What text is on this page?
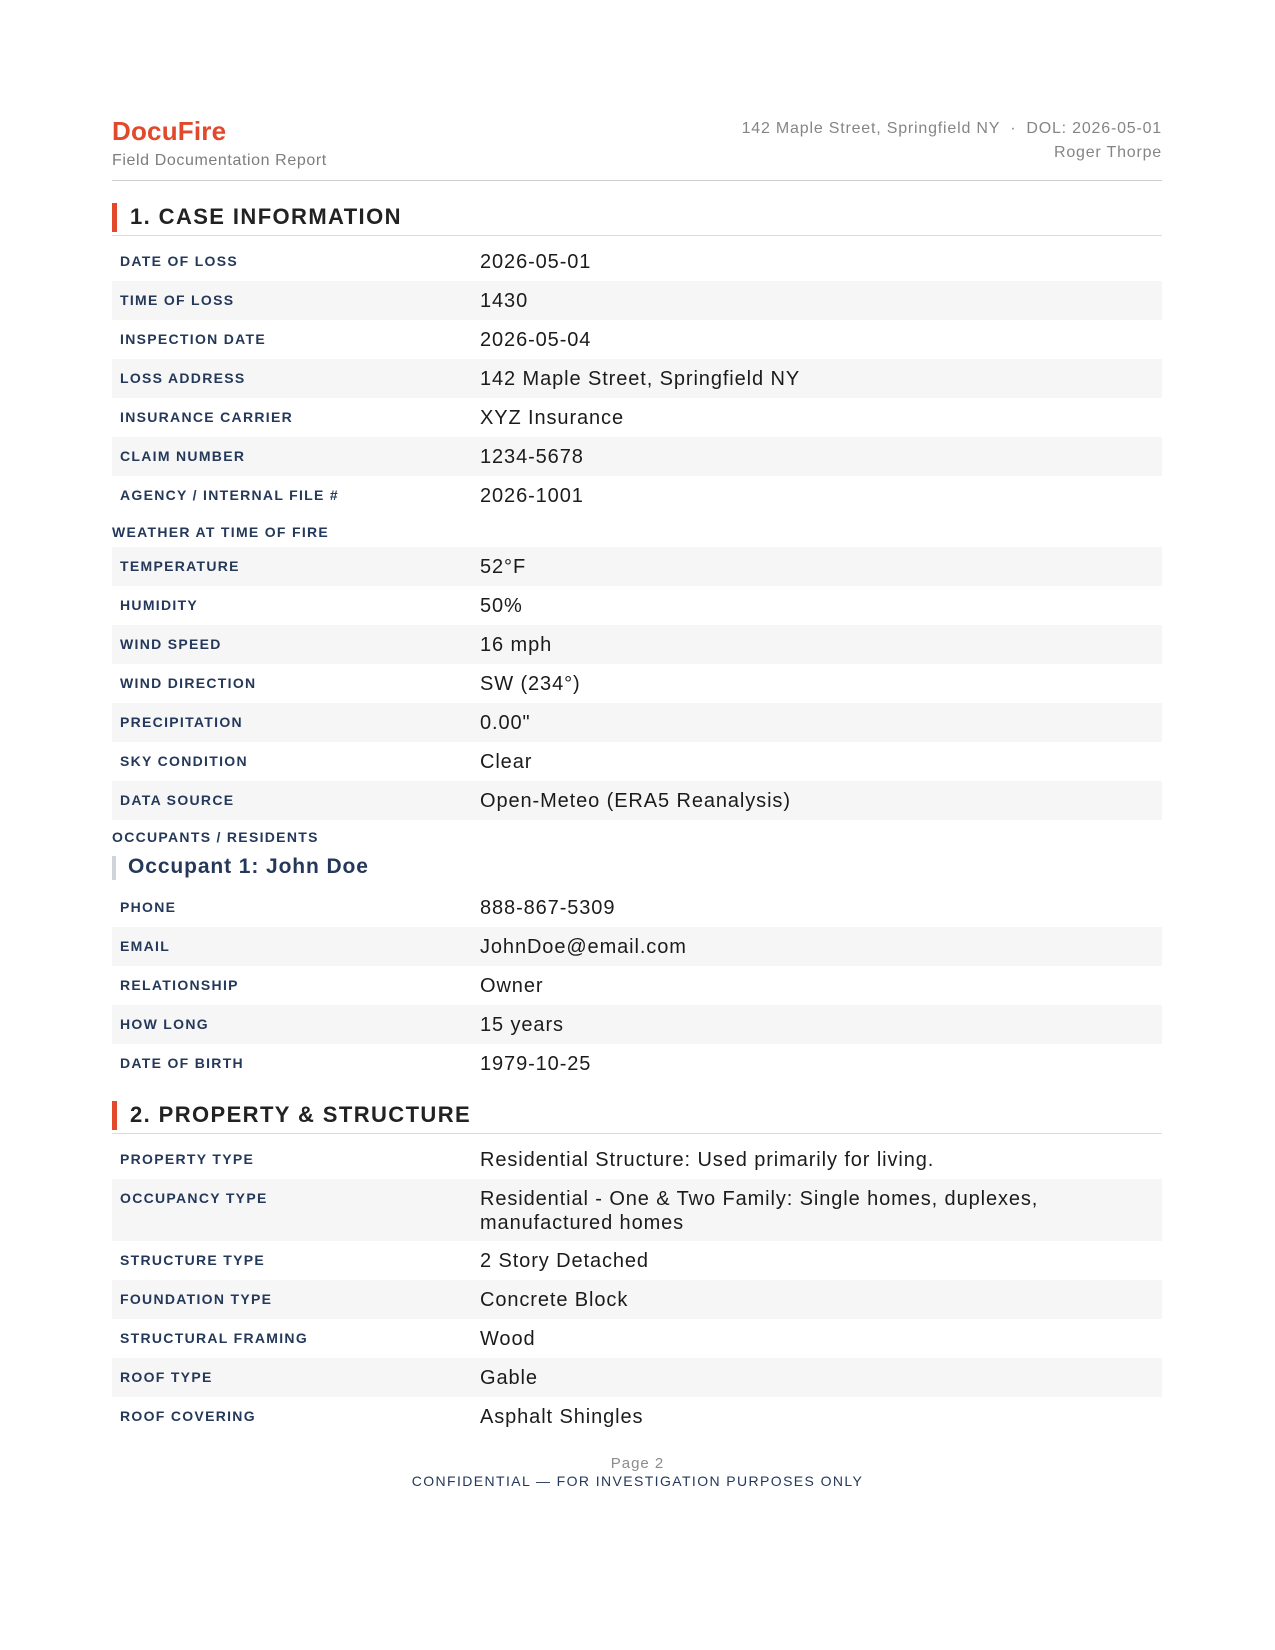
DocuFire
Field Documentation Report
142 Maple Street, Springfield NY · DOL: 2026-05-01
Roger Thorpe
1. CASE INFORMATION
DATE OF LOSS	2026-05-01
TIME OF LOSS	1430
INSPECTION DATE	2026-05-04
LOSS ADDRESS	142 Maple Street, Springfield NY
INSURANCE CARRIER	XYZ Insurance
CLAIM NUMBER	1234-5678
AGENCY / INTERNAL FILE #	2026-1001
WEATHER AT TIME OF FIRE
TEMPERATURE	52°F
HUMIDITY	50%
WIND SPEED	16 mph
WIND DIRECTION	SW (234°)
PRECIPITATION	0.00"
SKY CONDITION	Clear
DATA SOURCE	Open-Meteo (ERA5 Reanalysis)
OCCUPANTS / RESIDENTS
Occupant 1: John Doe
PHONE	888-867-5309
EMAIL	JohnDoe@email.com
RELATIONSHIP	Owner
HOW LONG	15 years
DATE OF BIRTH	1979-10-25
2. PROPERTY & STRUCTURE
PROPERTY TYPE	Residential Structure: Used primarily for living.
OCCUPANCY TYPE	Residential - One & Two Family: Single homes, duplexes, manufactured homes
STRUCTURE TYPE	2 Story Detached
FOUNDATION TYPE	Concrete Block
STRUCTURAL FRAMING	Wood
ROOF TYPE	Gable
ROOF COVERING	Asphalt Shingles
Page 2
CONFIDENTIAL — FOR INVESTIGATION PURPOSES ONLY
